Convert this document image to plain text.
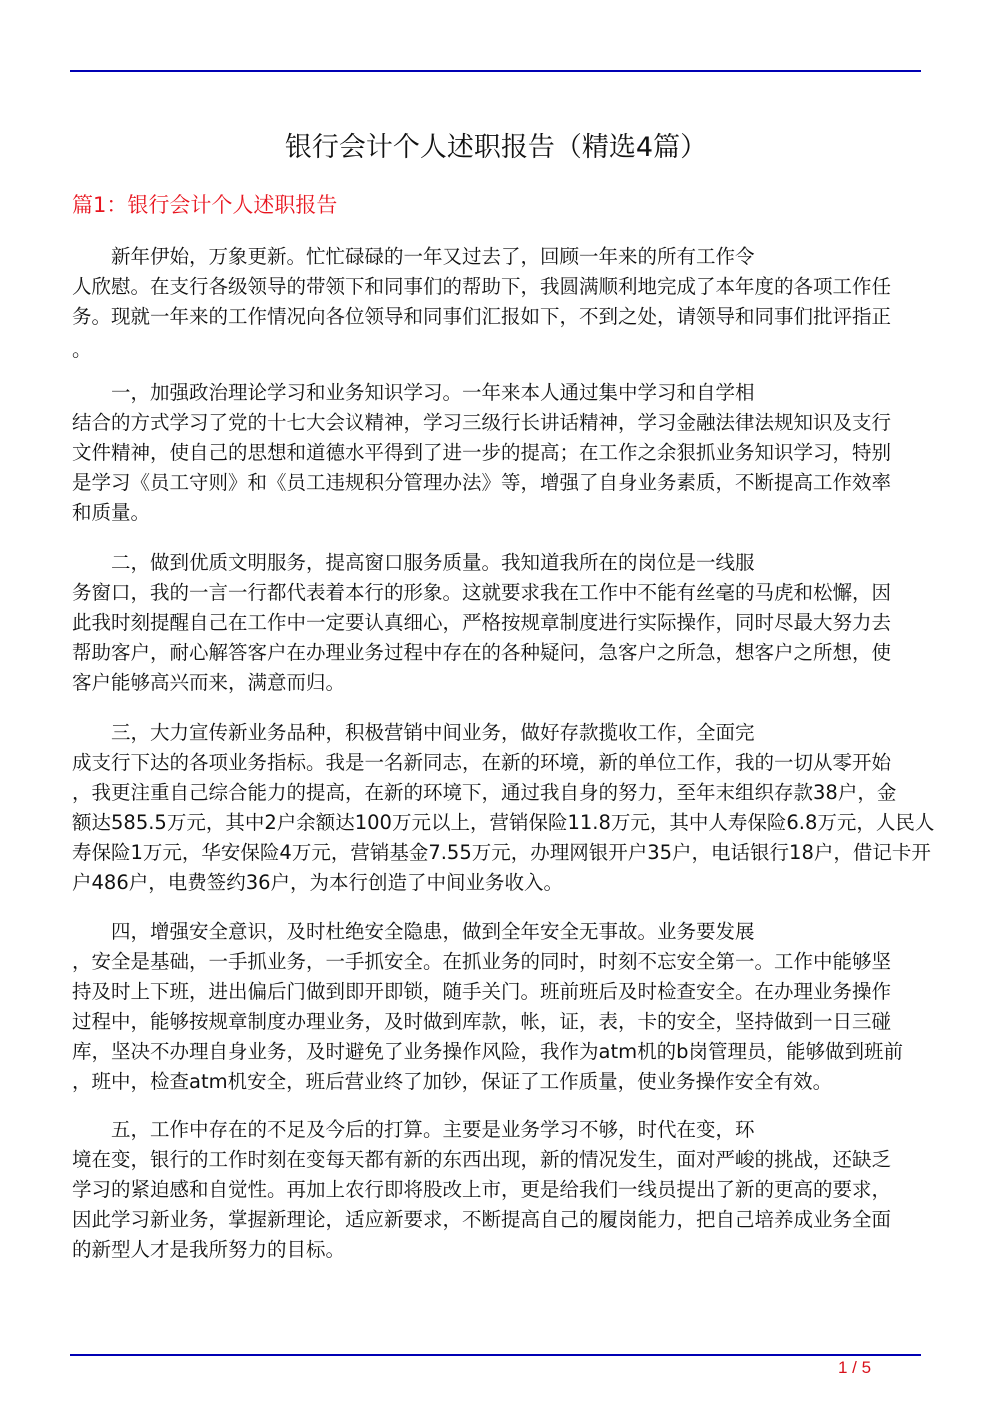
银行会计个人述职报告（精选4篇）
篇1：银行会计个人述职报告
新年伊始，万象更新。忙忙碌碌的一年又过去了，回顾一年来的所有工作令
人欣慰。在支行各级领导的带领下和同事们的帮助下，我圆满顺利地完成了本年度的各项工作任
务。现就一年来的工作情况向各位领导和同事们汇报如下，不到之处，请领导和同事们批评指正
。
一，加强政治理论学习和业务知识学习。一年来本人通过集中学习和自学相
结合的方式学习了党的十七大会议精神，学习三级行长讲话精神，学习金融法律法规知识及支行
文件精神，使自己的思想和道德水平得到了进一步的提高；在工作之余狠抓业务知识学习，特别
是学习《员工守则》和《员工违规积分管理办法》等，增强了自身业务素质，不断提高工作效率
和质量。
二，做到优质文明服务，提高窗口服务质量。我知道我所在的岗位是一线服
务窗口，我的一言一行都代表着本行的形象。这就要求我在工作中不能有丝毫的马虎和松懈，因
此我时刻提醒自己在工作中一定要认真细心，严格按规章制度进行实际操作，同时尽最大努力去
帮助客户，耐心解答客户在办理业务过程中存在的各种疑问，急客户之所急，想客户之所想，使
客户能够高兴而来，满意而归。
三，大力宣传新业务品种，积极营销中间业务，做好存款揽收工作，全面完
成支行下达的各项业务指标。我是一名新同志，在新的环境，新的单位工作，我的一切从零开始
，我更注重自己综合能力的提高，在新的环境下，通过我自身的努力，至年末组织存款38户，金
额达585.5万元，其中2户余额达100万元以上，营销保险11.8万元，其中人寿保险6.8万元，人民人
寿保险1万元，华安保险4万元，营销基金7.55万元，办理网银开户35户，电话银行18户，借记卡开
户486户，电费签约36户，为本行创造了中间业务收入。
四，增强安全意识，及时杜绝安全隐患，做到全年安全无事故。业务要发展
，安全是基础，一手抓业务，一手抓安全。在抓业务的同时，时刻不忘安全第一。工作中能够坚
持及时上下班，进出偏后门做到即开即锁，随手关门。班前班后及时检查安全。在办理业务操作
过程中，能够按规章制度办理业务，及时做到库款，帐，证，表，卡的安全，坚持做到一日三碰
库，坚决不办理自身业务，及时避免了业务操作风险，我作为atm机的b岗管理员，能够做到班前
，班中，检查atm机安全，班后营业终了加钞，保证了工作质量，使业务操作安全有效。
五，工作中存在的不足及今后的打算。主要是业务学习不够，时代在变，环
境在变，银行的工作时刻在变每天都有新的东西出现，新的情况发生，面对严峻的挑战，还缺乏
学习的紧迫感和自觉性。再加上农行即将股改上市，更是给我们一线员提出了新的更高的要求，
因此学习新业务，掌握新理论，适应新要求，不断提高自己的履岗能力，把自己培养成业务全面
的新型人才是我所努力的目标。
1 / 5
